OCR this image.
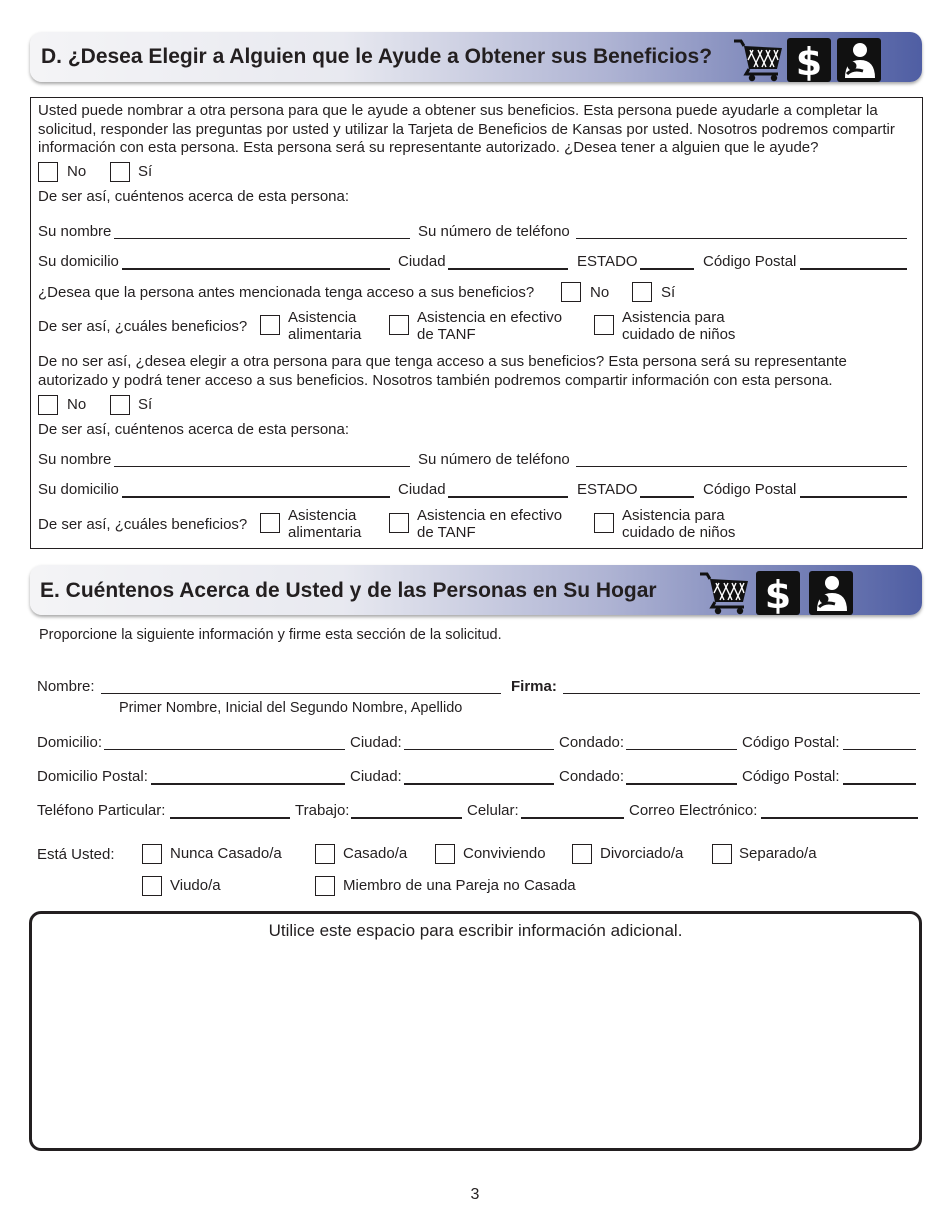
D. ¿Desea Elegir a Alguien que le Ayude a Obtener sus Beneficios? $
Usted puede nombrar a otra persona para que le ayude a obtener sus beneficios. Esta persona puede ayudarle a completar la solicitud, responder las preguntas por usted y utilizar la Tarjeta de Beneficios de Kansas por usted. Nosotros podremos compartir información con esta persona. Esta persona será su representante autorizado. ¿Desea tener a alguien que le ayude?
No	Sí
De ser así, cuéntenos acerca de esta persona:
Su nombre	Su número de teléfono
Su domicilio	Ciudad	ESTADO	Código Postal
¿Desea que la persona antes mencionada tenga acceso a sus beneficios?	No	Sí
De ser así, ¿cuáles beneficios?
Asistencia
alimentaria
Asistencia en efectivo
de TANF
Asistencia para
cuidado de niños
De no ser así, ¿desea elegir a otra persona para que tenga acceso a sus beneficios? Esta persona será su representante autorizado y podrá tener acceso a sus beneficios. Nosotros también podremos compartir información con esta persona.
No	Sí
De ser así, cuéntenos acerca de esta persona:
Su nombre	Su número de teléfono
Su domicilio	Ciudad	ESTADO	Código Postal
De ser así, ¿cuáles beneficios?
Asistencia
alimentaria
Asistencia en efectivo
de TANF
Asistencia para
cuidado de niños
E. Cuéntenos Acerca de Usted y de las Personas en Su Hogar	$
Proporcione la siguiente información y firme esta sección de la solicitud.
Nombre:	Firma:
Primer Nombre, Inicial del Segundo Nombre, Apellido
Domicilio:	Ciudad:	Condado:	Código Postal:
Domicilio Postal:	Ciudad:	Condado:	Código Postal:
Teléfono Particular:	Trabajo:	Celular:	Correo Electrónico:
Está Usted:	Nunca Casado/a	Casado/a	Conviviendo	Divorciado/a	Separado/a
Viudo/a	Miembro de una Pareja no Casada
Utilice este espacio para escribir información adicional.
3
